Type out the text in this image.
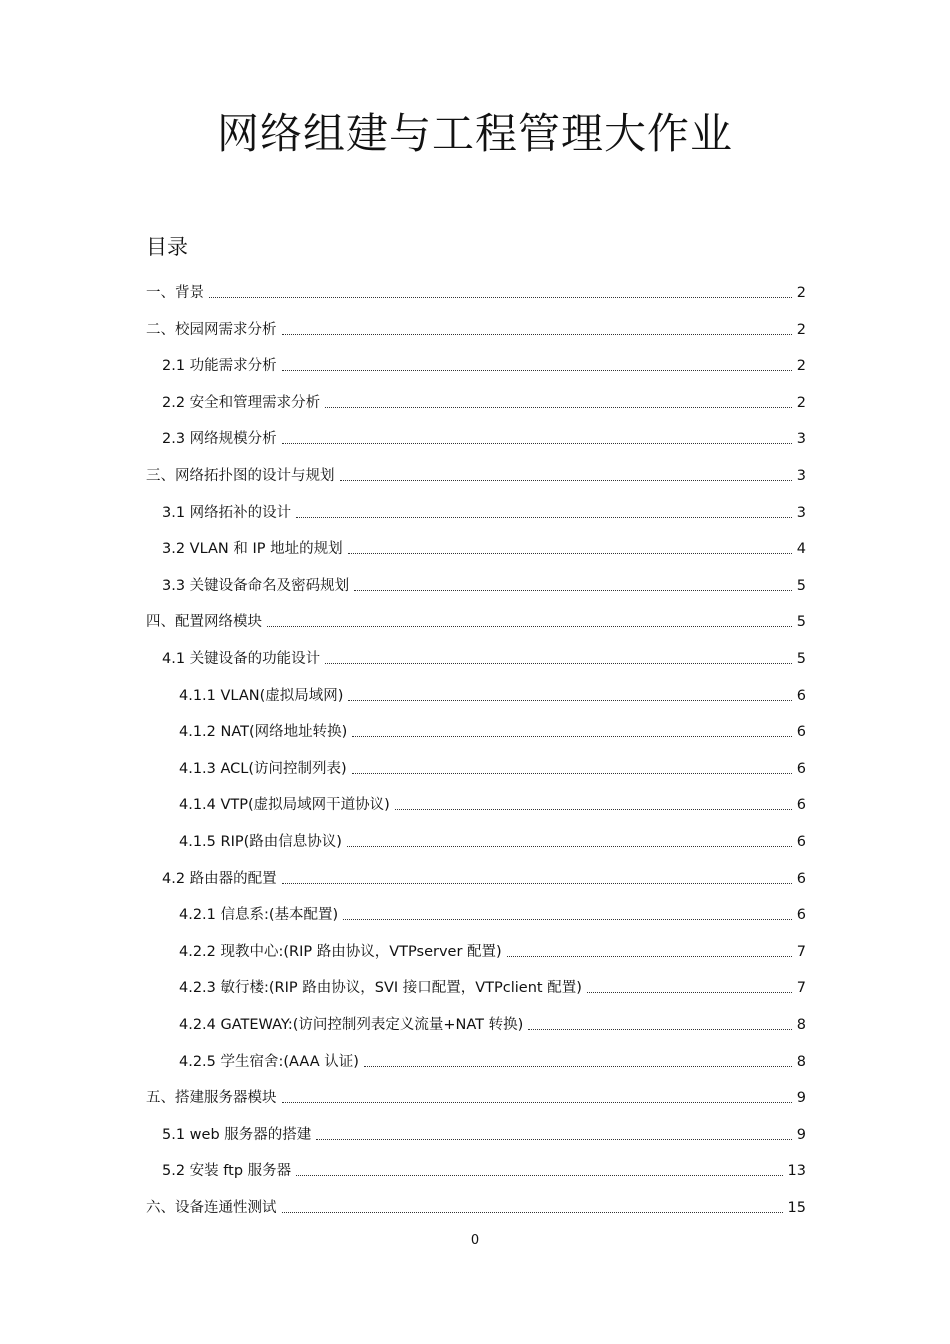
网络组建与工程管理大作业
目录
一、背景	2
二、校园网需求分析	2
2.1 功能需求分析	2
2.2 安全和管理需求分析	2
2.3 网络规模分析	3
三、网络拓扑图的设计与规划	3
3.1 网络拓补的设计	3
3.2 VLAN 和 IP 地址的规划	4
3.3 关键设备命名及密码规划	5
四、配置网络模块	5
4.1 关键设备的功能设计	5
4.1.1 VLAN(虚拟局域网)	6
4.1.2 NAT(网络地址转换)	6
4.1.3 ACL(访问控制列表)	6
4.1.4 VTP(虚拟局域网干道协议)	6
4.1.5 RIP(路由信息协议)	6
4.2 路由器的配置	6
4.2.1 信息系:(基本配置)	6
4.2.2 现教中心:(RIP 路由协议，VTPserver 配置)	7
4.2.3 敏行楼:(RIP 路由协议，SVI 接口配置，VTPclient 配置)	7
4.2.4 GATEWAY:(访问控制列表定义流量+NAT 转换)	8
4.2.5 学生宿舍:(AAA 认证)	8
五、搭建服务器模块	9
5.1 web 服务器的搭建	9
5.2 安装 ftp 服务器	13
六、设备连通性测试	15
0
